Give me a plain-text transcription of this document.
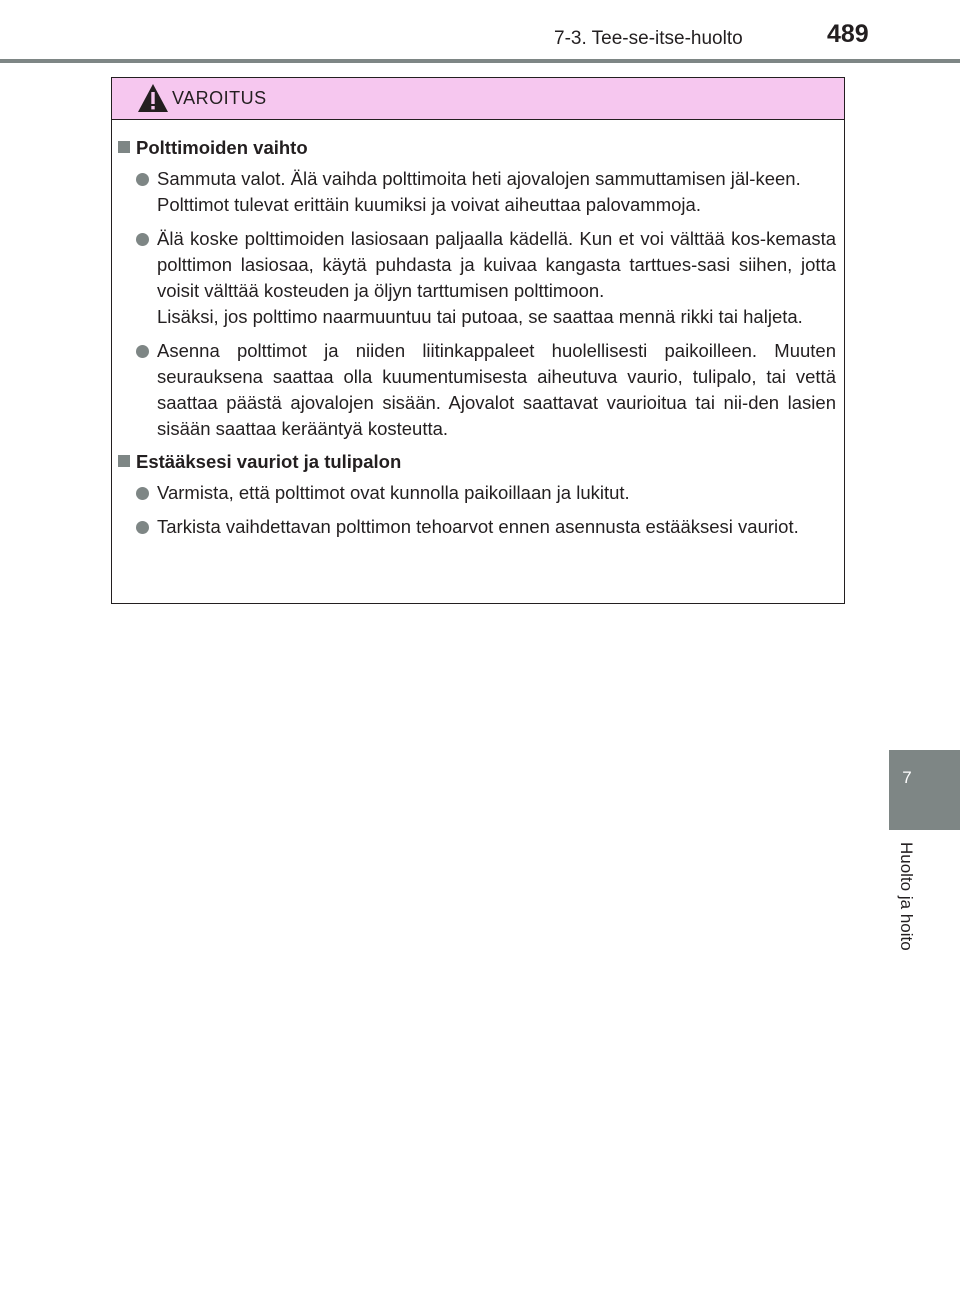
7-3. Tee-se-itse-huolto	489
7
Huolto ja hoito
VAROITUS
Polttimoiden vaihto
Sammuta valot. Älä vaihda polttimoita heti ajovalojen sammuttamisen jäl-keen.
Polttimot tulevat erittäin kuumiksi ja voivat aiheuttaa palovammoja.
Älä koske polttimoiden lasiosaan paljaalla kädellä. Kun et voi välttää kos-kemasta polttimon lasiosaa, käytä puhdasta ja kuivaa kangasta tarttues-sasi siihen, jotta voisit välttää kosteuden ja öljyn tarttumisen polttimoon.
Lisäksi, jos polttimo naarmuuntuu tai putoaa, se saattaa mennä rikki tai haljeta.
Asenna polttimot ja niiden liitinkappaleet huolellisesti paikoilleen. Muuten seurauksena saattaa olla kuumentumisesta aiheutuva vaurio, tulipalo, tai vettä saattaa päästä ajovalojen sisään. Ajovalot saattavat vaurioitua tai nii-den lasien sisään saattaa kerääntyä kosteutta.
Estääksesi vauriot ja tulipalon
Varmista, että polttimot ovat kunnolla paikoillaan ja lukitut.
Tarkista vaihdettavan polttimon tehoarvot ennen asennusta estääksesi vauriot.
